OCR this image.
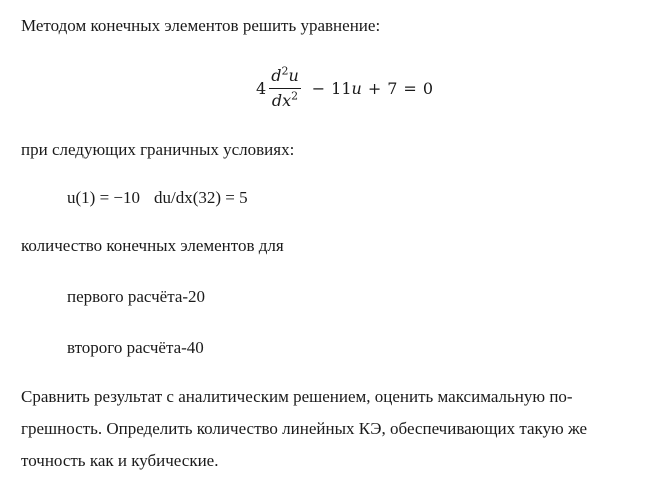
Методом конечных элементов решить уравнение:
$4 \frac{d^2u}{dx^2} - 11u + 7 = 0$
при следующих граничных условиях:
u(1) = −10 du/dx(32) = 5
количество конечных элементов для
первого расчёта-20
второго расчёта-40
Сравнить результат с аналитическим решением, оценить максимальную по-
грешность. Определить количество линейных КЭ, обеспечивающих такую же
точность как и кубические.
